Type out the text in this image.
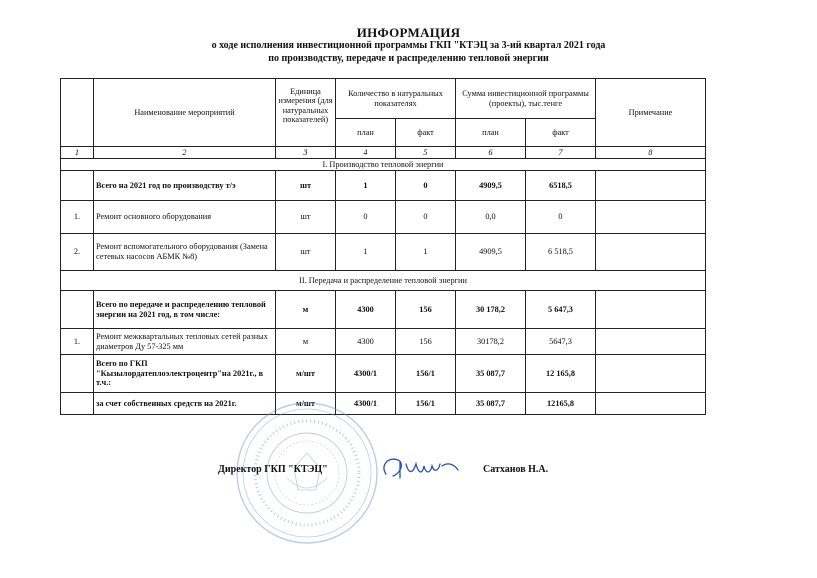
ИНФОРМАЦИЯ
о ходе исполнения инвестиционной программы ГКП "КТЭЦ за 3-ий квартал 2021 года
по производству, передаче и распределению тепловой энергии
	Наименование мероприятий	Единица измерения (для натуральных показателей)	Количество в натуральных показателях		Сумма инвестиционной программы (проекты), тыс.тенге		Примечание
			план	факт	план	факт	
1	2	3	4	5	6	7	8
I. Производство тепловой энергии							
	Всего на 2021 год по производству т/э	шт	1	0	4909,5	6518,5	
1.	Ремонт основного оборудования	шт	0	0	0,0	0	
2.	Ремонт вспомогательного оборудования (Замена сетевых насосов АБМК №8)	шт	1	1	4909,5	6 518,5	
II. Передача и распределение тепловой энергии							
	Всего по передаче и распределению тепловой энергии на 2021 год, в том числе:	м	4300	156	30 178,2	5 647,3	
1.	Ремонт межквартальных тепловых сетей разных диаметров Ду 57-325 мм	м	4300	156	30178,2	5647,3	
	Всего по ГКП "Кызылордатеплоэлектроцентр"на 2021г., в т.ч.:	м/шт	4300/1	156/1	35 087,7	12 165,8	
	за счет собственных средств на 2021г.	м/шт	4300/1	156/1	35 087,7	12165,8	
Директор ГКП "КТЭЦ"	Сатханов Н.А.
